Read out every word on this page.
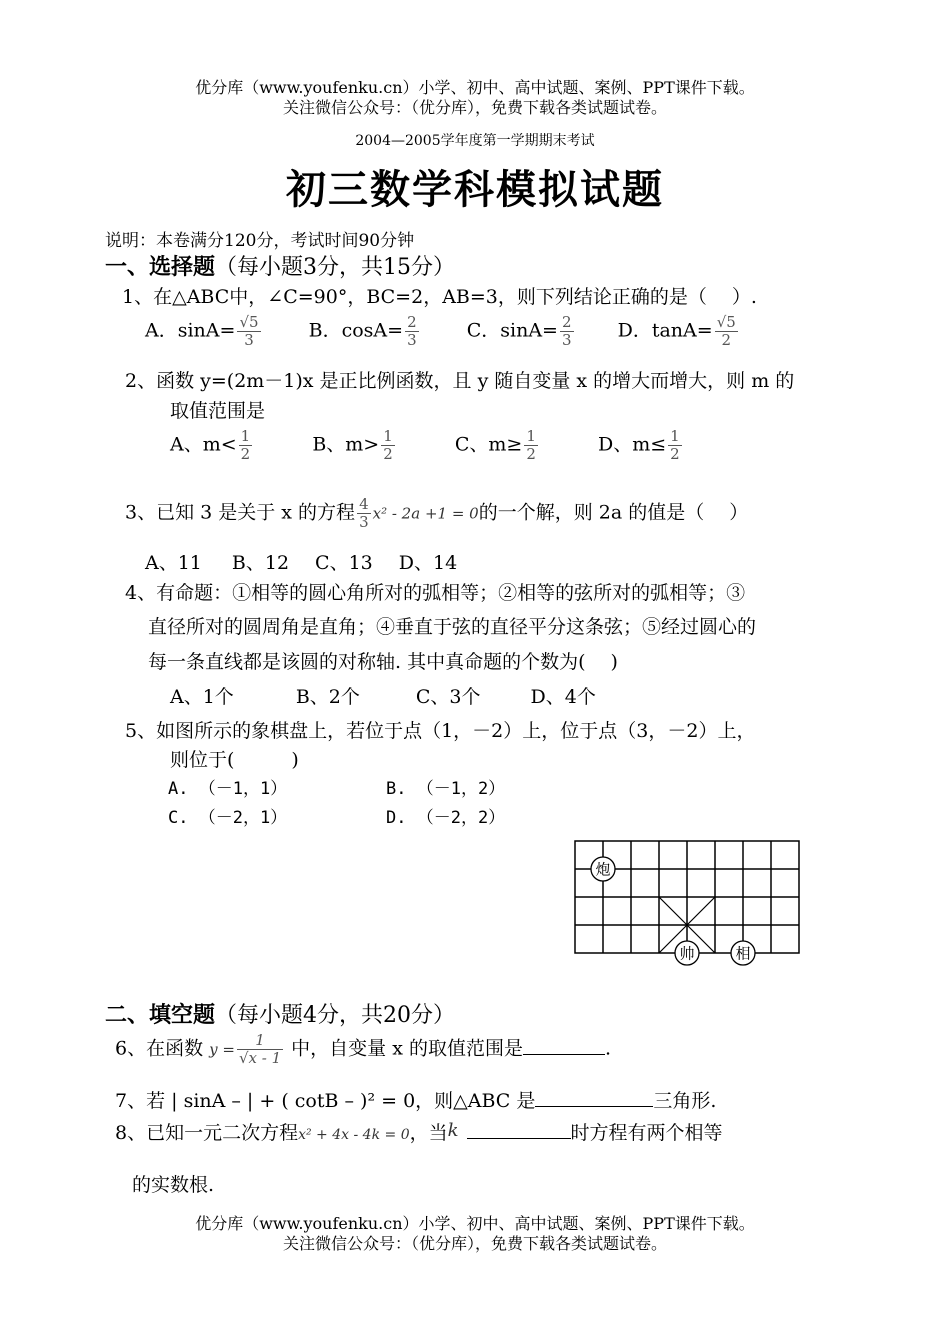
优分库（www.youfenku.cn）小学、初中、高中试题、案例、PPT课件下载。
关注微信公众号：（优分库），免费下载各类试题试卷。
2004—2005学年度第一学期期末考试
初三数学科模拟试题
说明：本卷满分120分，考试时间90分钟
一、选择题（每小题3分，共15分）
1、在△ABC中，∠C=90°，BC=2，AB=3，则下列结论正确的是（　 ）.
A．$\sin A= \frac{√5}{3}$	B．$\cos A= \frac{2}{3}$	C．$\sin A= \frac{2}{3}$ D．$\tan A= \frac{√5}{2}$
2、函数 y=(2m－1)x 是正比例函数，且 y 随自变量 x 的增大而增大，则 m 的
取值范围是
A、$m< \frac{1}{2}$	B、$m> \frac{1}{2}$	C、$m\ge \frac{1}{2}$	D、$m\le \frac{1}{2}$
3、已知 3 是关于 x 的方程 $\frac{4}{3} x^2 - 2a +1 = 0$的一个解，则 2a 的值是（　 ）
A、11 B、12 C、13 D、14
4、有命题：①相等的圆心角所对的弧相等；②相等的弦所对的弧相等；③
直径所对的圆周角是直角；④垂直于弦的直径平分这条弦；⑤经过圆心的
每一条直线都是该圆的对称轴. 其中真命题的个数为(　 )
A、1个	B、2个	C、3个	D、4个
5、如图所示的象棋盘上，若位于点（1，－2）上，位于点（3，－2）上，
则位于(　　　)
A. （－1，1）	B. （－1，2）
C. （－2，1）	D. （－2，2）
炮
帅	相
二、填空题（每小题4分，共20分）
6、在函数 $y = \frac{1}{√x - 1}$ 中，自变量 x 的取值范围是	.
7、若 | sinA – | + ( cotB – )² = 0，则△ABC 是	三角形.
8、已知一元二次方程x² + 4x - 4k = 0，当k	时方程有两个相等
的实数根.
优分库（www.youfenku.cn）小学、初中、高中试题、案例、PPT课件下载。
关注微信公众号：（优分库），免费下载各类试题试卷。
